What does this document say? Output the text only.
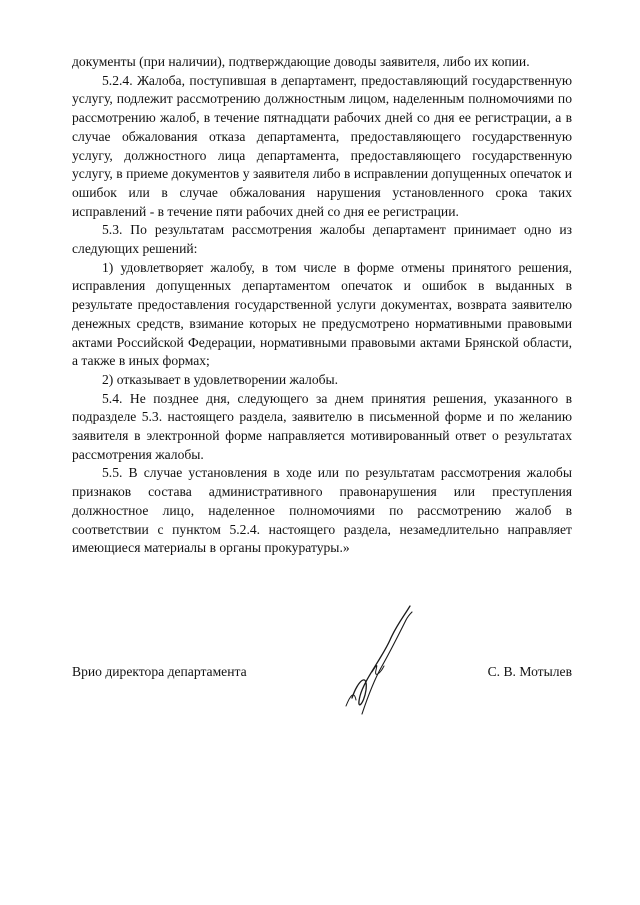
документы (при наличии), подтверждающие доводы заявителя, либо их копии.

5.2.4. Жалоба, поступившая в департамент, предоставляющий государственную услугу, подлежит рассмотрению должностным лицом, наделенным полномочиями по рассмотрению жалоб, в течение пятнадцати рабочих дней со дня ее регистрации, а в случае обжалования отказа департамента, предоставляющего государственную услугу, должностного лица департамента, предоставляющего государственную услугу, в приеме документов у заявителя либо в исправлении допущенных опечаток и ошибок или в случае обжалования нарушения установленного срока таких исправлений - в течение пяти рабочих дней со дня ее регистрации.

5.3. По результатам рассмотрения жалобы департамент принимает одно из следующих решений:

1) удовлетворяет жалобу, в том числе в форме отмены принятого решения, исправления допущенных департаментом опечаток и ошибок в выданных в результате предоставления государственной услуги документах, возврата заявителю денежных средств, взимание которых не предусмотрено нормативными правовыми актами Российской Федерации, нормативными правовыми актами Брянской области, а также в иных формах;

2) отказывает в удовлетворении жалобы.

5.4. Не позднее дня, следующего за днем принятия решения, указанного в подразделе 5.3. настоящего раздела, заявителю в письменной форме и по желанию заявителя в электронной форме направляется мотивированный ответ о результатах рассмотрения жалобы.

5.5. В случае установления в ходе или по результатам рассмотрения жалобы признаков состава административного правонарушения или преступления должностное лицо, наделенное полномочиями по рассмотрению жалоб в соответствии с пунктом 5.2.4. настоящего раздела, незамедлительно направляет имеющиеся материалы в органы прокуратуры.»

Врио директора департамента	С. В. Мотылев
